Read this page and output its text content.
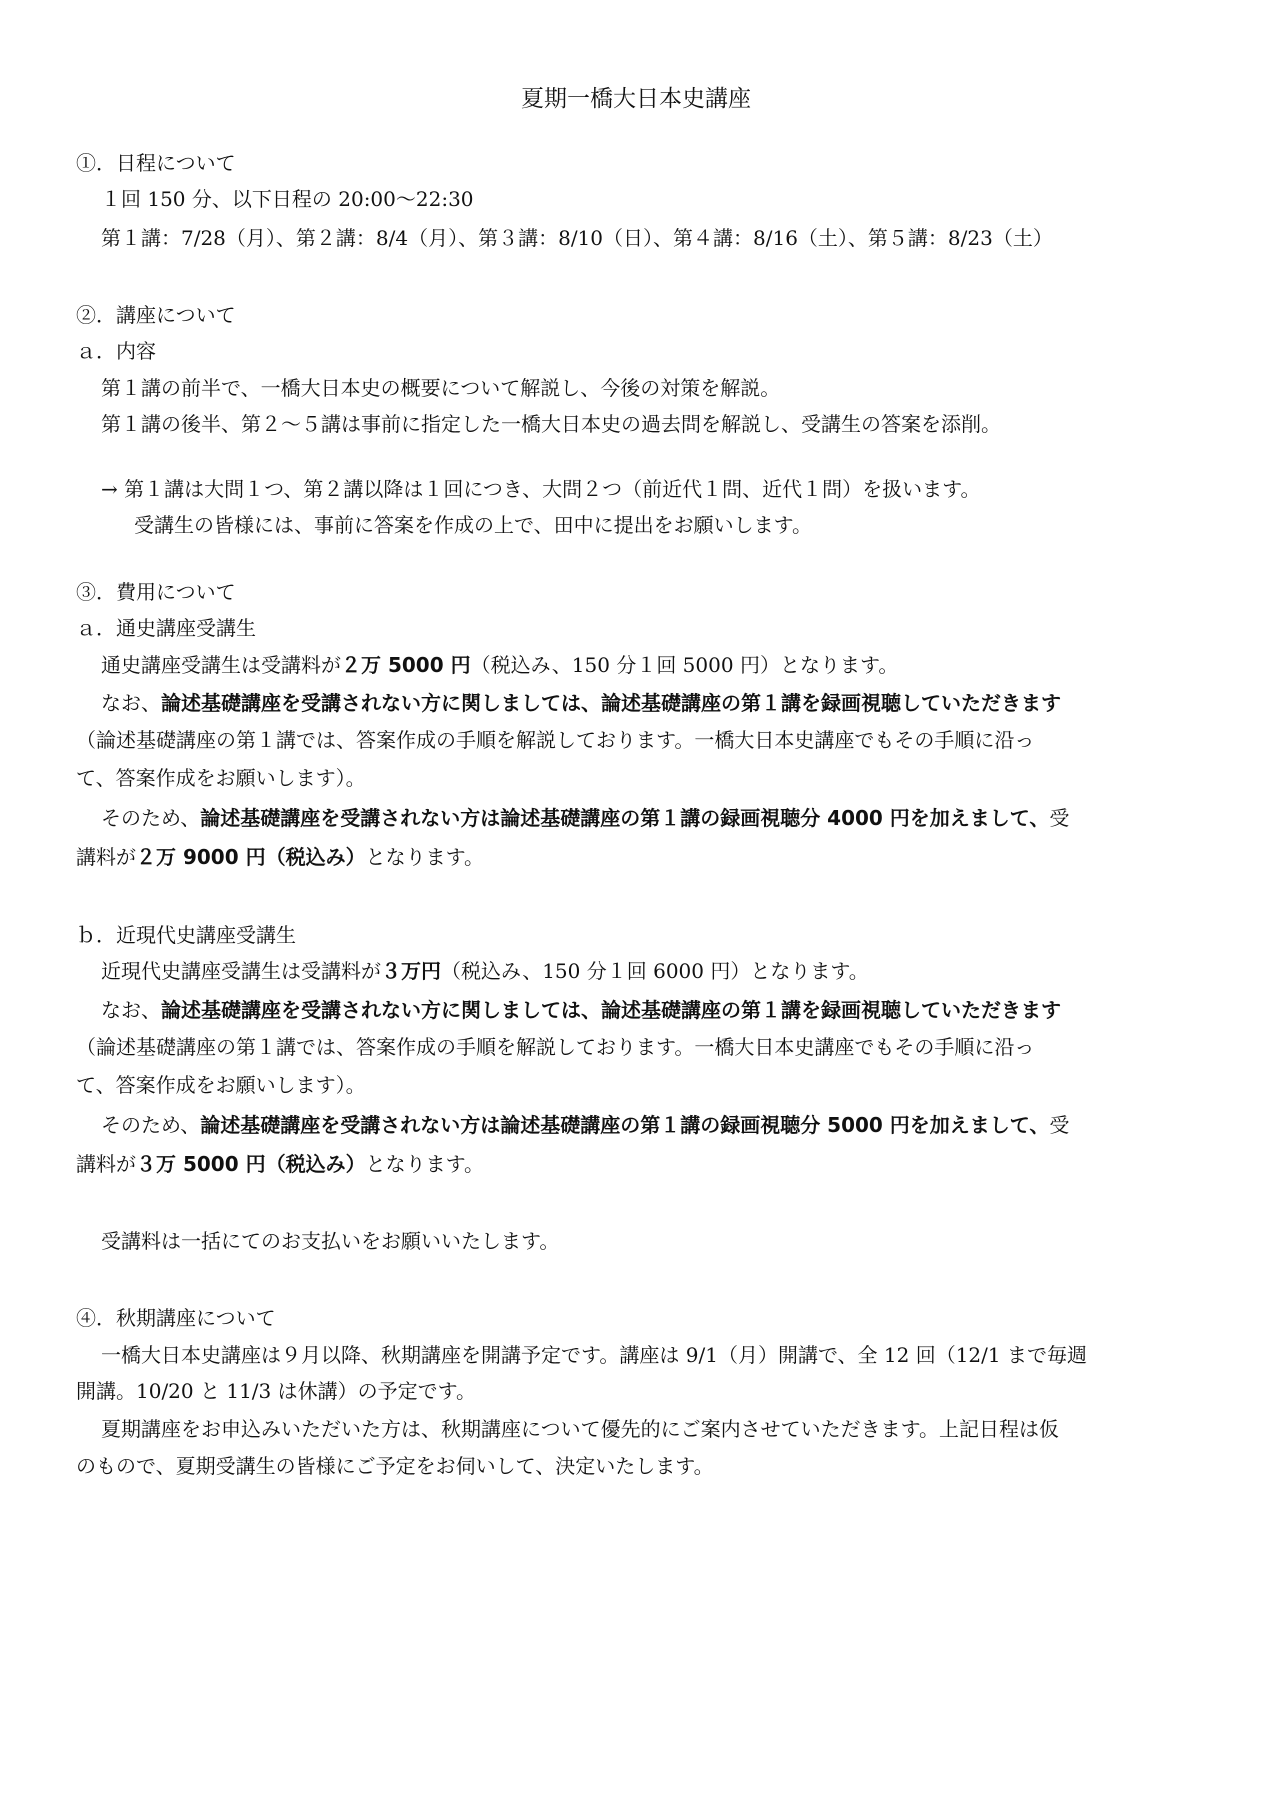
夏期一橋大日本史講座
①．日程について
１回 150 分、以下日程の 20:00～22:30
第１講：7/28（月）、第２講：8/4（月）、第３講：8/10（日）、第４講：8/16（土）、第５講：8/23（土）
②．講座について
ａ．内容
第１講の前半で、一橋大日本史の概要について解説し、今後の対策を解説。
第１講の後半、第２～５講は事前に指定した一橋大日本史の過去問を解説し、受講生の答案を添削。
→ 第１講は大問１つ、第２講以降は１回につき、大問２つ（前近代１問、近代１問）を扱います。
受講生の皆様には、事前に答案を作成の上で、田中に提出をお願いします。
③．費用について
ａ．通史講座受講生
通史講座受講生は受講料が２万 5000 円（税込み、150 分１回 5000 円）となります。
なお、論述基礎講座を受講されない方に関しましては、論述基礎講座の第１講を録画視聴していただきます
（論述基礎講座の第１講では、答案作成の手順を解説しております。一橋大日本史講座でもその手順に沿っ
て、答案作成をお願いします）。
そのため、論述基礎講座を受講されない方は論述基礎講座の第１講の録画視聴分 4000 円を加えまして、受
講料が２万 9000 円（税込み）となります。
ｂ．近現代史講座受講生
近現代史講座受講生は受講料が３万円（税込み、150 分１回 6000 円）となります。
なお、論述基礎講座を受講されない方に関しましては、論述基礎講座の第１講を録画視聴していただきます
（論述基礎講座の第１講では、答案作成の手順を解説しております。一橋大日本史講座でもその手順に沿っ
て、答案作成をお願いします）。
そのため、論述基礎講座を受講されない方は論述基礎講座の第１講の録画視聴分 5000 円を加えまして、受
講料が３万 5000 円（税込み）となります。
受講料は一括にてのお支払いをお願いいたします。
④．秋期講座について
一橋大日本史講座は９月以降、秋期講座を開講予定です。講座は 9/1（月）開講で、全 12 回（12/1 まで毎週
開講。10/20 と 11/3 は休講）の予定です。
夏期講座をお申込みいただいた方は、秋期講座について優先的にご案内させていただきます。上記日程は仮
のもので、夏期受講生の皆様にご予定をお伺いして、決定いたします。
